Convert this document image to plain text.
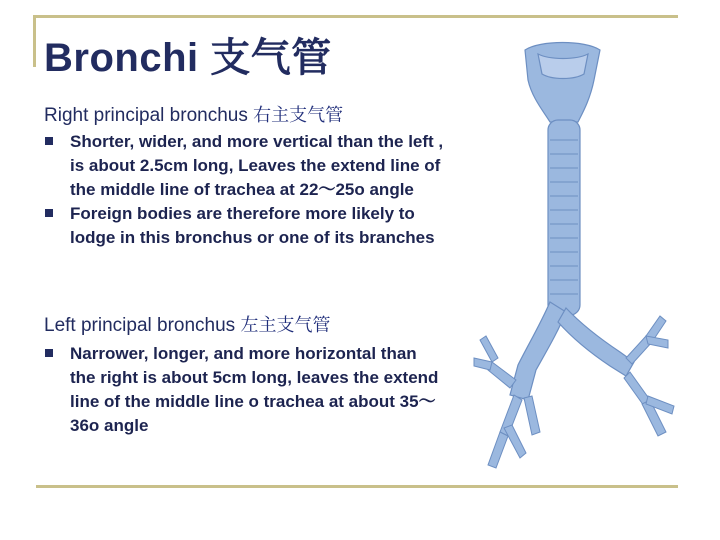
Bronchi 支气管
Right principal bronchus 右主支气管
Shorter, wider, and more vertical than the left , is about 2.5cm long, Leaves the extend line of the middle line of trachea at 22～25o angle
Foreign bodies are therefore more likely to lodge in this bronchus or one of its branches
Left principal bronchus 左主支气管
Narrower, longer, and more horizontal than the right is about 5cm long, leaves the extend line of the middle line o trachea at about 35～36o angle
